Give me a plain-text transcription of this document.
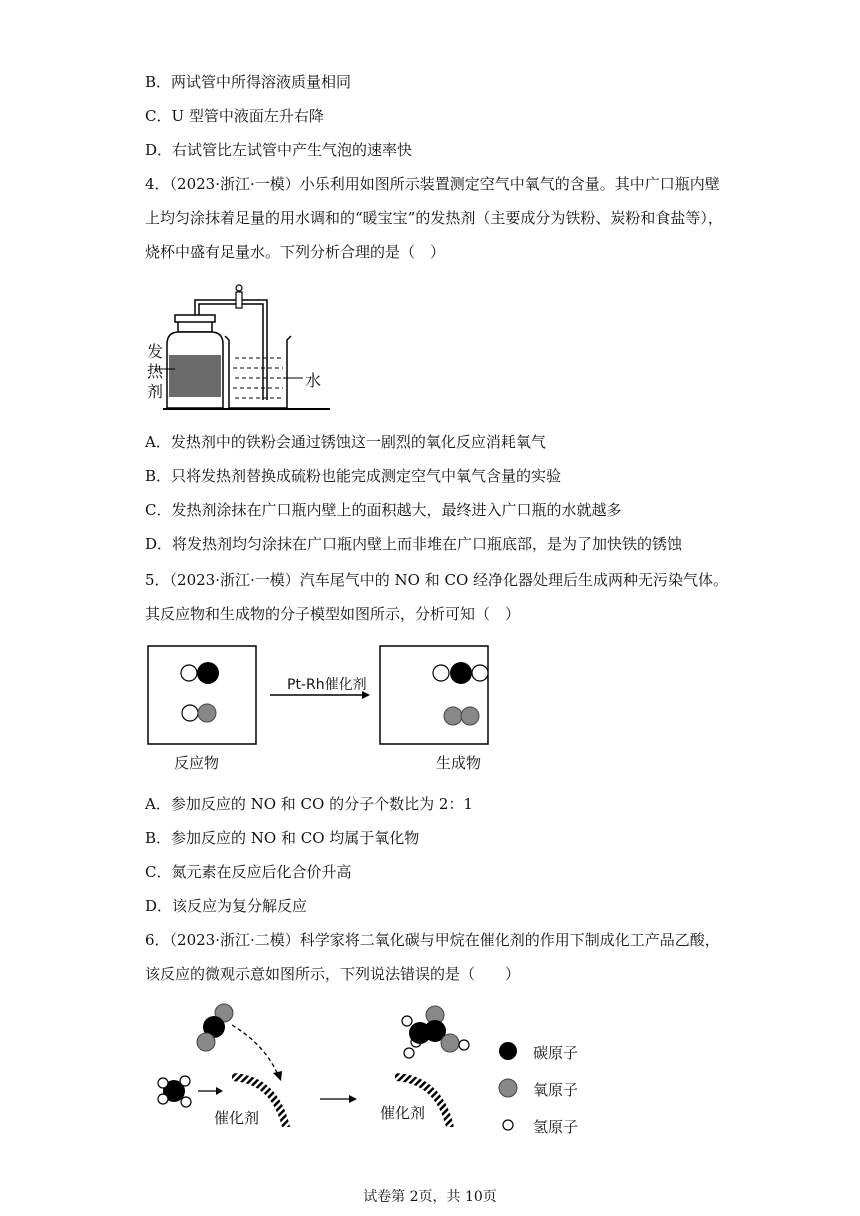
B．两试管中所得溶液质量相同
C．U 型管中液面左升右降
D．右试管比左试管中产生气泡的速率快
4．（2023·浙江·一模）小乐利用如图所示装置测定空气中氧气的含量。其中广口瓶内壁
上均匀涂抹着足量的用水调和的“暖宝宝”的发热剂（主要成分为铁粉、炭粉和食盐等），
烧杯中盛有足量水。下列分析合理的是（　）
发
热
剂
水
A．发热剂中的铁粉会通过锈蚀这一剧烈的氧化反应消耗氧气
B．只将发热剂替换成硫粉也能完成测定空气中氧气含量的实验
C．发热剂涂抹在广口瓶内壁上的面积越大，最终进入广口瓶的水就越多
D．将发热剂均匀涂抹在广口瓶内壁上而非堆在广口瓶底部，是为了加快铁的锈蚀
5．（2023·浙江·一模）汽车尾气中的 NO 和 CO 经净化器处理后生成两种无污染气体。
其反应物和生成物的分子模型如图所示，分析可知（　）
Pt-Rh催化剂
反应物	生成物
A．参加反应的 NO 和 CO 的分子个数比为 2：1
B．参加反应的 NO 和 CO 均属于氧化物
C．氮元素在反应后化合价升高
D．该反应为复分解反应
6．（2023·浙江·二模）科学家将二氧化碳与甲烷在催化剂的作用下制成化工产品乙酸，
该反应的微观示意如图所示，下列说法错误的是（　　）
催化剂	催化剂
碳原子
氧原子
氢原子
试卷第 2页，共 10页
